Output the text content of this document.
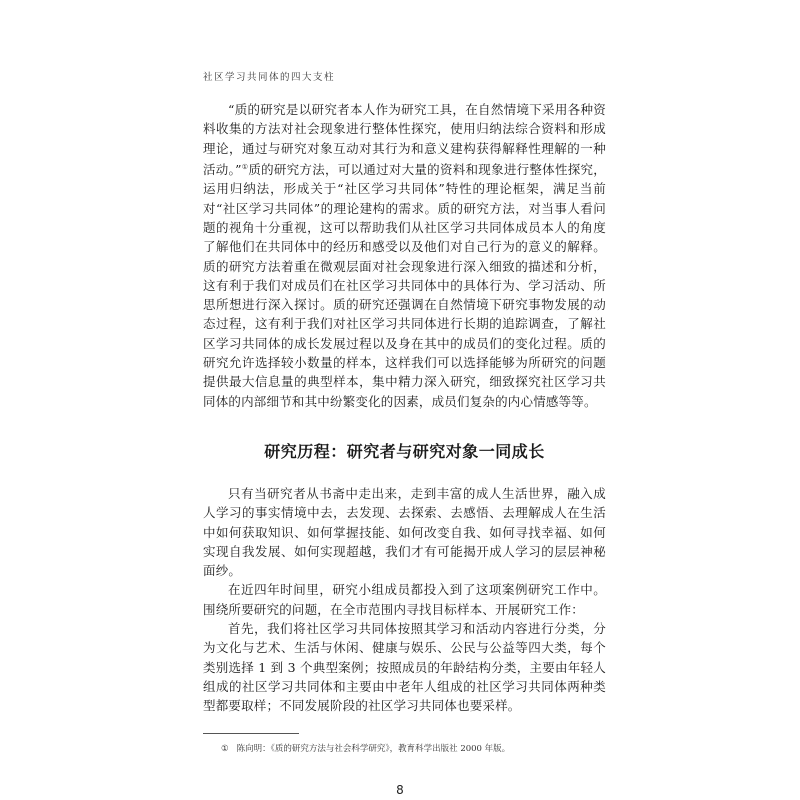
社区学习共同体的四大支柱

“质的研究是以研究者本人作为研究工具，在自然情境下采用各种资料收集的方法对社会现象进行整体性探究，使用归纳法综合资料和形成理论，通过与研究对象互动对其行为和意义建构获得解释性理解的一种活动。”①质的研究方法，可以通过对大量的资料和现象进行整体性探究，运用归纳法，形成关于“社区学习共同体”特性的理论框架，满足当前对“社区学习共同体”的理论建构的需求。质的研究方法，对当事人看问题的视角十分重视，这可以帮助我们从社区学习共同体成员本人的角度了解他们在共同体中的经历和感受以及他们对自己行为的意义的解释。质的研究方法着重在微观层面对社会现象进行深入细致的描述和分析，这有利于我们对成员们在社区学习共同体中的具体行为、学习活动、所思所想进行深入探讨。质的研究还强调在自然情境下研究事物发展的动态过程，这有利于我们对社区学习共同体进行长期的追踪调查，了解社区学习共同体的成长发展过程以及身在其中的成员们的变化过程。质的研究允许选择较小数量的样本，这样我们可以选择能够为所研究的问题提供最大信息量的典型样本，集中精力深入研究，细致探究社区学习共同体的内部细节和其中纷繁变化的因素，成员们复杂的内心情感等等。

研究历程：研究者与研究对象一同成长

只有当研究者从书斋中走出来，走到丰富的成人生活世界，融入成人学习的事实情境中去，去发现、去探索、去感悟、去理解成人在生活中如何获取知识、如何掌握技能、如何改变自我、如何寻找幸福、如何实现自我发展、如何实现超越，我们才有可能揭开成人学习的层层神秘面纱。

在近四年时间里，研究小组成员都投入到了这项案例研究工作中。围绕所要研究的问题，在全市范围内寻找目标样本、开展研究工作：

首先，我们将社区学习共同体按照其学习和活动内容进行分类，分为文化与艺术、生活与休闲、健康与娱乐、公民与公益等四大类，每个类别选择 1 到 3 个典型案例；按照成员的年龄结构分类，主要由年轻人组成的社区学习共同体和主要由中老年人组成的社区学习共同体两种类型都要取样；不同发展阶段的社区学习共同体也要采样。

① 陈向明：《质的研究方法与社会科学研究》，教育科学出版社 2000 年版。
8
